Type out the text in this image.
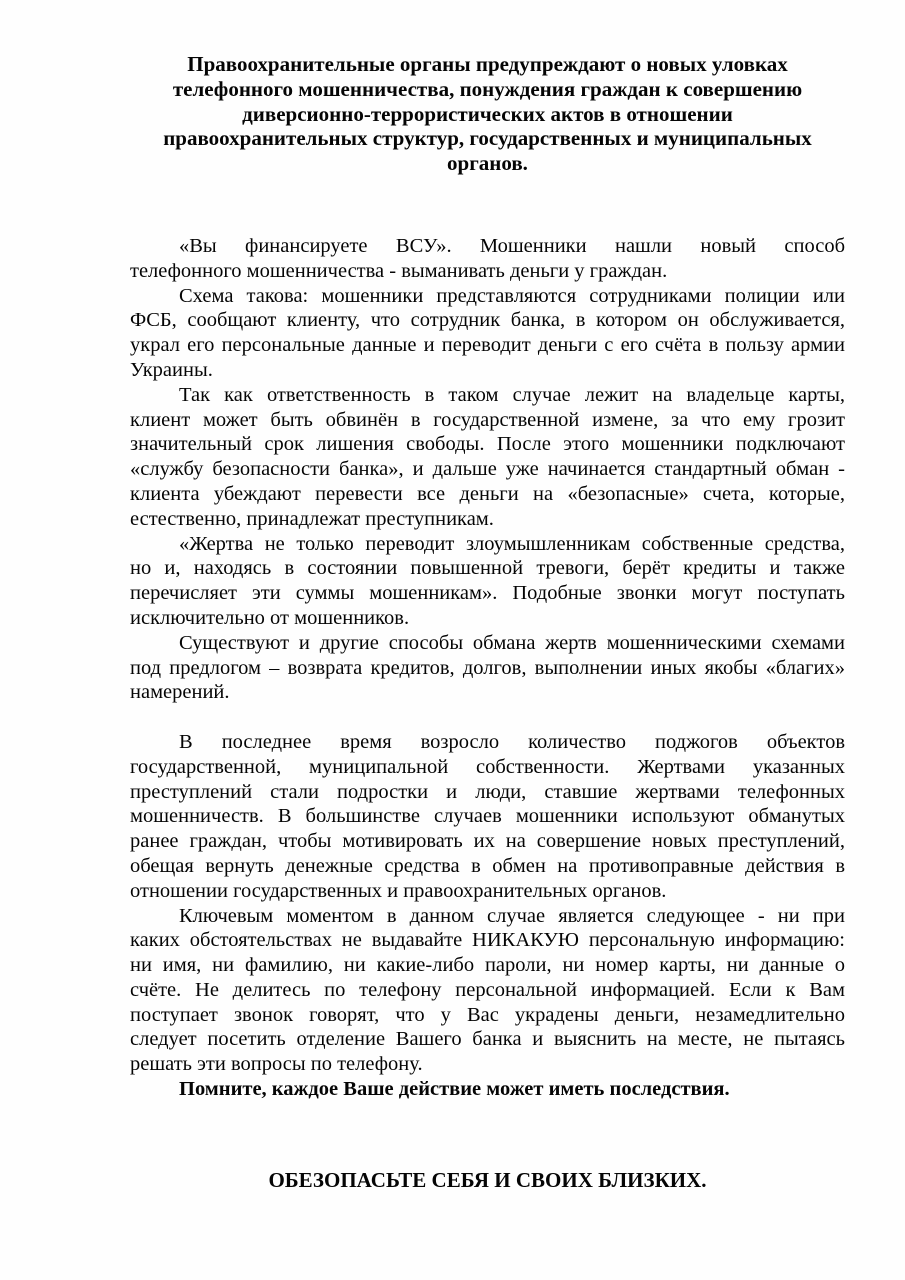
Правоохранительные органы предупреждают о новых уловках
телефонного мошенничества, понуждения граждан к совершению
диверсионно-террористических актов в отношении
правоохранительных структур, государственных и муниципальных
органов.
«Вы финансируете ВСУ». Мошенники нашли новый способ
телефонного мошенничества - выманивать деньги у граждан.
Схема такова: мошенники представляются сотрудниками полиции или
ФСБ, сообщают клиенту, что сотрудник банка, в котором он обслуживается,
украл его персональные данные и переводит деньги с его счёта в пользу армии
Украины.
Так как ответственность в таком случае лежит на владельце карты,
клиент может быть обвинён в государственной измене, за что ему грозит
значительный срок лишения свободы. После этого мошенники подключают
«службу безопасности банка», и дальше уже начинается стандартный обман -
клиента убеждают перевести все деньги на «безопасные» счета, которые,
естественно, принадлежат преступникам.
«Жертва не только переводит злоумышленникам собственные средства,
но и, находясь в состоянии повышенной тревоги, берёт кредиты и также
перечисляет эти суммы мошенникам». Подобные звонки могут поступать
исключительно от мошенников.
Существуют и другие способы обмана жертв мошенническими схемами
под предлогом – возврата кредитов, долгов, выполнении иных якобы «благих»
намерений.
В последнее время возросло количество поджогов объектов
государственной, муниципальной собственности. Жертвами указанных
преступлений стали подростки и люди, ставшие жертвами телефонных
мошенничеств. В большинстве случаев мошенники используют обманутых
ранее граждан, чтобы мотивировать их на совершение новых преступлений,
обещая вернуть денежные средства в обмен на противоправные действия в
отношении государственных и правоохранительных органов.
Ключевым моментом в данном случае является следующее - ни при
каких обстоятельствах не выдавайте НИКАКУЮ персональную информацию:
ни имя, ни фамилию, ни какие-либо пароли, ни номер карты, ни данные о
счёте. Не делитесь по телефону персональной информацией. Если к Вам
поступает звонок говорят, что у Вас украдены деньги, незамедлительно
следует посетить отделение Вашего банка и выяснить на месте, не пытаясь
решать эти вопросы по телефону.
Помните, каждое Ваше действие может иметь последствия.
ОБЕЗОПАСЬТЕ СЕБЯ И СВОИХ БЛИЗКИХ.
